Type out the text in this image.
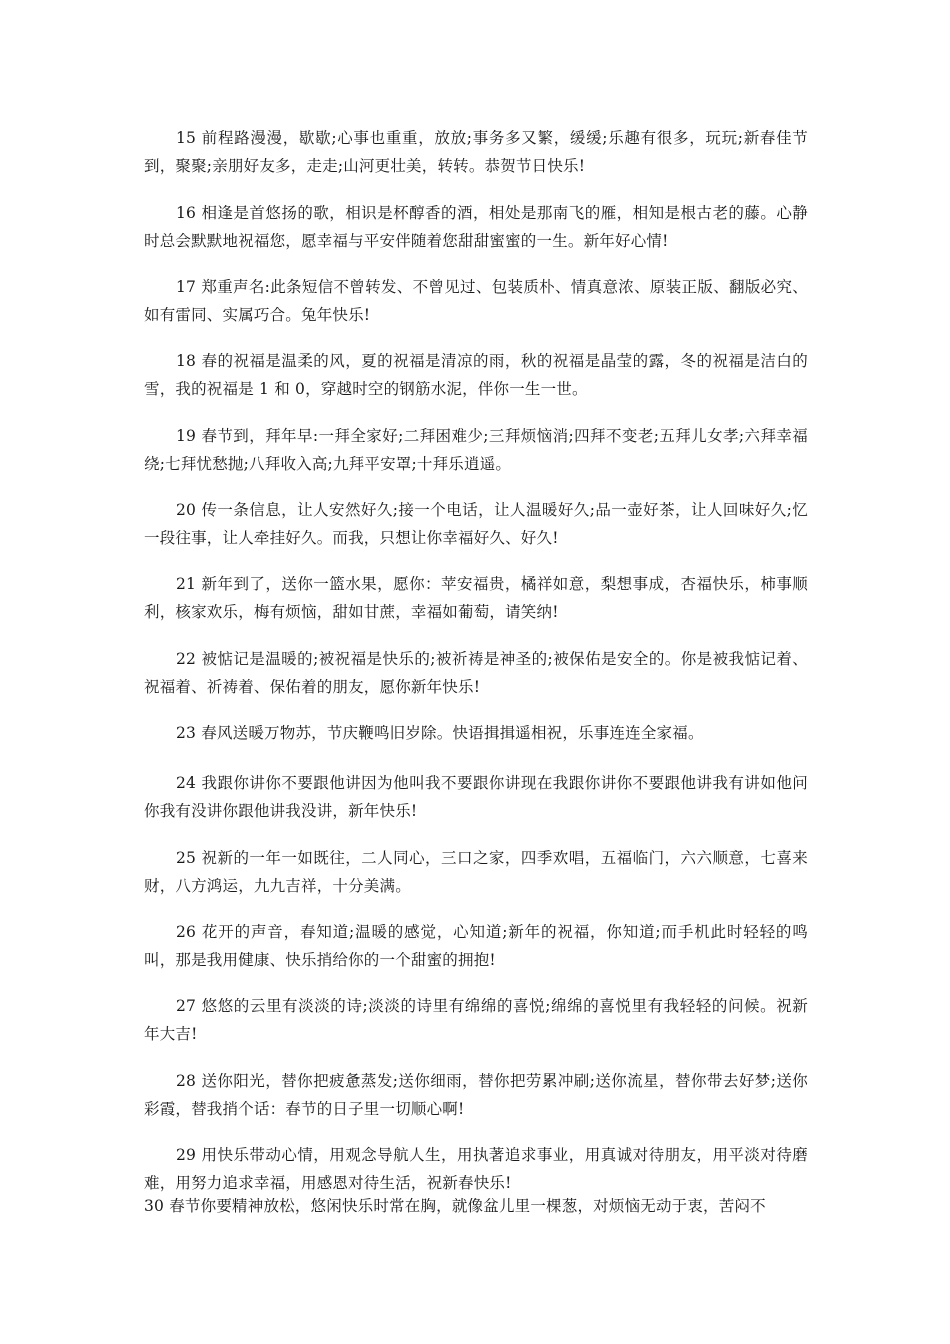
15 前程路漫漫，歇歇;心事也重重，放放;事务多又繁，缓缓;乐趣有很多，玩玩;新春佳节到，聚聚;亲朋好友多，走走;山河更壮美，转转。恭贺节日快乐!

16 相逢是首悠扬的歌，相识是杯醇香的酒，相处是那南飞的雁，相知是根古老的藤。心静时总会默默地祝福您，愿幸福与平安伴随着您甜甜蜜蜜的一生。新年好心情!

17 郑重声名:此条短信不曾转发、不曾见过、包装质朴、情真意浓、原装正版、翻版必究、如有雷同、实属巧合。兔年快乐!

18 春的祝福是温柔的风，夏的祝福是清凉的雨，秋的祝福是晶莹的露，冬的祝福是洁白的雪，我的祝福是 1 和 0，穿越时空的钢筋水泥，伴你一生一世。

19 春节到，拜年早:一拜全家好;二拜困难少;三拜烦恼消;四拜不变老;五拜儿女孝;六拜幸福绕;七拜忧愁抛;八拜收入高;九拜平安罩;十拜乐逍遥。

20 传一条信息，让人安然好久;接一个电话，让人温暖好久;品一壶好茶，让人回味好久;忆一段往事，让人牵挂好久。而我，只想让你幸福好久、好久!

21 新年到了，送你一篮水果，愿你：苹安福贵，橘祥如意，梨想事成，杏福快乐，柿事顺利，核家欢乐，梅有烦恼，甜如甘蔗，幸福如葡萄，请笑纳!

22 被惦记是温暖的;被祝福是快乐的;被祈祷是神圣的;被保佑是安全的。你是被我惦记着、祝福着、祈祷着、保佑着的朋友，愿你新年快乐!

23 春风送暖万物苏，节庆鞭鸣旧岁除。快语揖揖遥相祝，乐事连连全家福。

24 我跟你讲你不要跟他讲因为他叫我不要跟你讲现在我跟你讲你不要跟他讲我有讲如他问你我有没讲你跟他讲我没讲，新年快乐!

25 祝新的一年一如既往，二人同心，三口之家，四季欢唱，五福临门，六六顺意，七喜来财，八方鸿运，九九吉祥，十分美满。

26 花开的声音，春知道;温暖的感觉，心知道;新年的祝福，你知道;而手机此时轻轻的鸣叫，那是我用健康、快乐捎给你的一个甜蜜的拥抱!

27 悠悠的云里有淡淡的诗;淡淡的诗里有绵绵的喜悦;绵绵的喜悦里有我轻轻的问候。祝新年大吉!

28 送你阳光，替你把疲惫蒸发;送你细雨，替你把劳累冲刷;送你流星，替你带去好梦;送你彩霞，替我捎个话：春节的日子里一切顺心啊!

29 用快乐带动心情，用观念导航人生，用执著追求事业，用真诚对待朋友，用平淡对待磨难，用努力追求幸福，用感恩对待生活，祝新春快乐!

30 春节你要精神放松，悠闲快乐时常在胸，就像盆儿里一棵葱，对烦恼无动于衷，苦闷不
